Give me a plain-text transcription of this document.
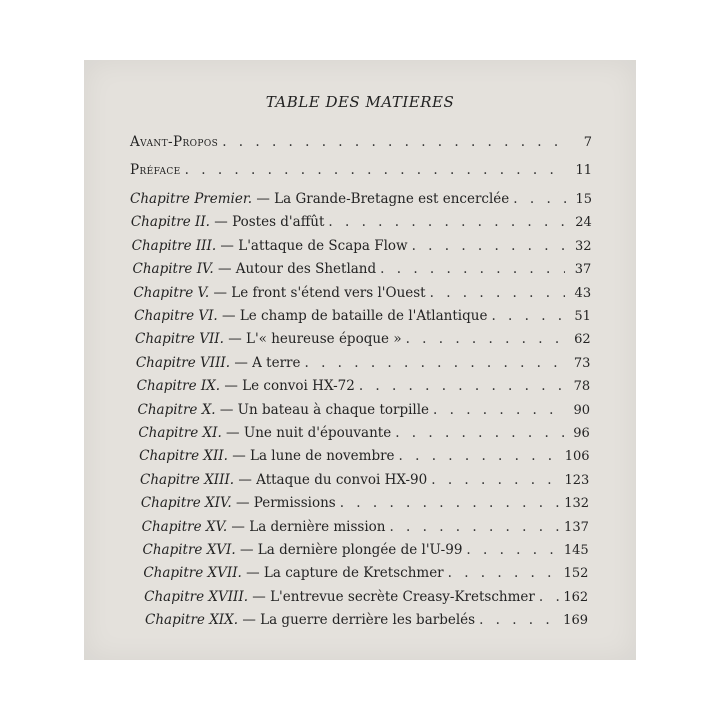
TABLE DES MATIERES
Avant-Propos . . .	7
Préface . . .	11
Chapitre Premier. — La Grande-Bretagne est encerclée . . .	15
Chapitre II. — Postes d'affût . . .	24
Chapitre III. — L'attaque de Scapa Flow . . .	32
Chapitre IV. — Autour des Shetland . . .	37
Chapitre V. — Le front s'étend vers l'Ouest . . .	43
Chapitre VI. — Le champ de bataille de l'Atlantique . . .	51
Chapitre VII. — L'« heureuse époque » . . .	62
Chapitre VIII. — A terre . . .	73
Chapitre IX. — Le convoi HX-72 . . .	78
Chapitre X. — Un bateau à chaque torpille . . .	90
Chapitre XI. — Une nuit d'épouvante . . .	96
Chapitre XII. — La lune de novembre . . .	106
Chapitre XIII. — Attaque du convoi HX-90 . . .	123
Chapitre XIV. — Permissions . . .	132
Chapitre XV. — La dernière mission . . .	137
Chapitre XVI. — La dernière plongée de l'U-99 . . .	145
Chapitre XVII. — La capture de Kretschmer . . .	152
Chapitre XVIII. — L'entrevue secrète Creasy-Kretschmer . . . 162
Chapitre XIX. — La guerre derrière les barbelés . . .	169
